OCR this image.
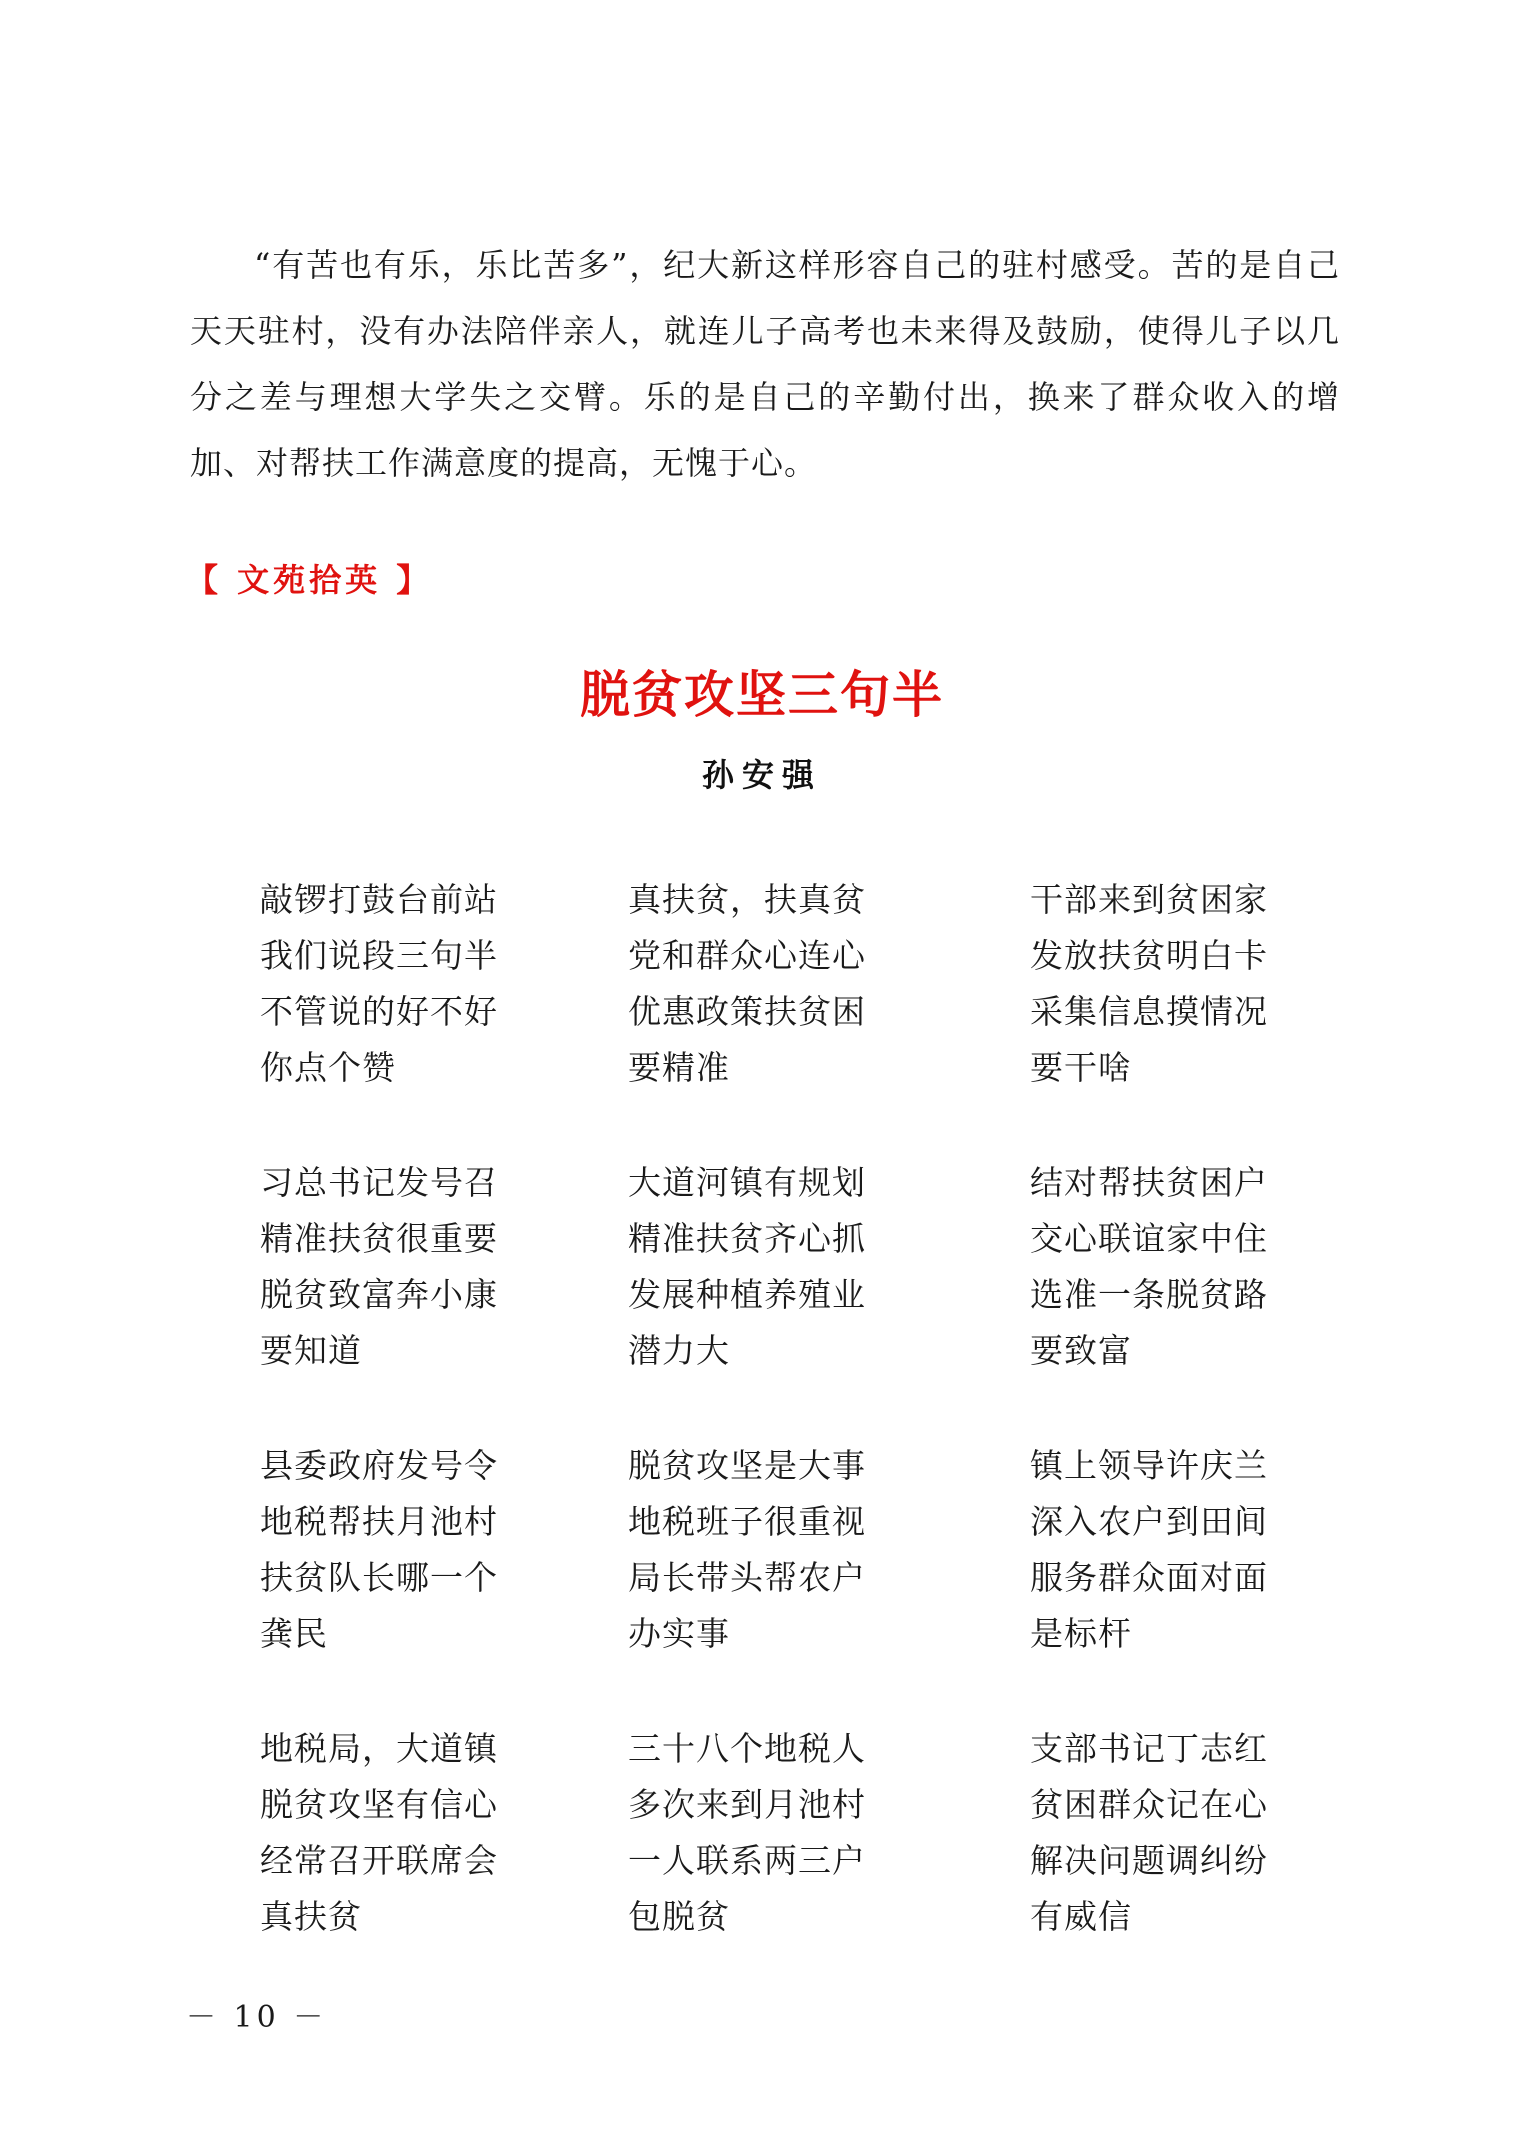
“有苦也有乐，乐比苦多”，纪大新这样形容自己的驻村感受。苦的是自己天天驻村，没有办法陪伴亲人，就连儿子高考也未来得及鼓励，使得儿子以几分之差与理想大学失之交臂。乐的是自己的辛勤付出，换来了群众收入的增加、对帮扶工作满意度的提高，无愧于心。

【 文苑拾英 】
脱贫攻坚三句半
孙安强
敲锣打鼓台前站
我们说段三句半
不管说的好不好
你点个赞
真扶贫，扶真贫
党和群众心连心
优惠政策扶贫困
要精准
干部来到贫困家
发放扶贫明白卡
采集信息摸情况
要干啥
习总书记发号召
精准扶贫很重要
脱贫致富奔小康
要知道
大道河镇有规划
精准扶贫齐心抓
发展种植养殖业
潜力大
结对帮扶贫困户
交心联谊家中住
选准一条脱贫路
要致富
县委政府发号令
地税帮扶月池村
扶贫队长哪一个
龚民
脱贫攻坚是大事
地税班子很重视
局长带头帮农户
办实事
镇上领导许庆兰
深入农户到田间
服务群众面对面
是标杆
地税局，大道镇
脱贫攻坚有信心
经常召开联席会
真扶贫
三十八个地税人
多次来到月池村
一人联系两三户
包脱贫
支部书记丁志红
贫困群众记在心
解决问题调纠纷
有威信
－ 10 －
